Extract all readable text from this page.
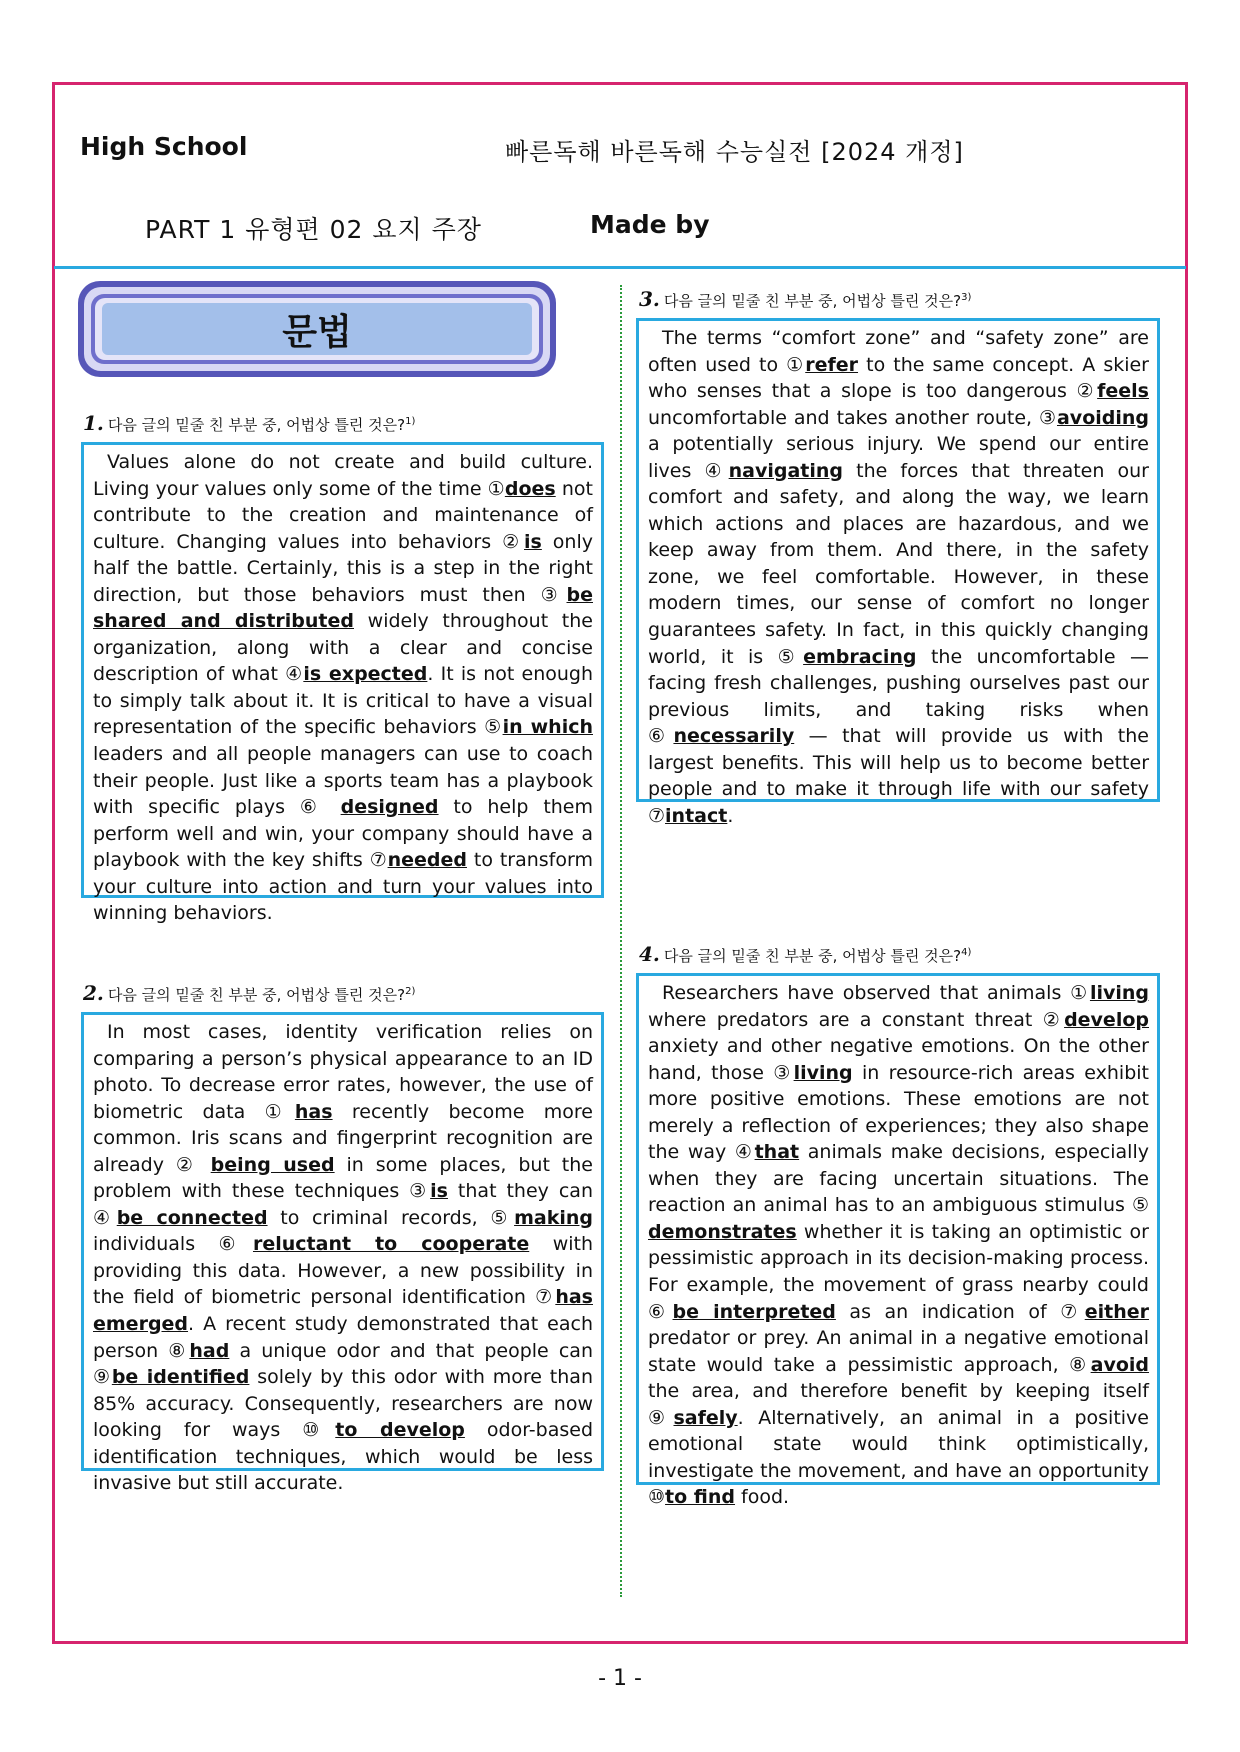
High School	빠른독해 바른독해 수능실전 [2024 개정]
PART 1 유형편 02 요지 주장	Made by
문법
1. 다음 글의 밑줄 친 부분 중, 어법상 틀린 것은?$^{1)}$

Values alone do not create and build culture. Living your values only some of the time ①does not contribute to the creation and maintenance of culture. Changing values into behaviors ②is only half the battle. Certainly, this is a step in the right direction, but those behaviors must then ③be shared and distributed widely throughout the organization, along with a clear and concise description of what ④is expected. It is not enough to simply talk about it. It is critical to have a visual representation of the specific behaviors ⑤in which leaders and all people managers can use to coach their people. Just like a sports team has a playbook with specific plays ⑥ designed to help them perform well and win, your company should have a playbook with the key shifts ⑦needed to transform your culture into action and turn your values into winning behaviors.

2. 다음 글의 밑줄 친 부분 중, 어법상 틀린 것은?$^{2)}$

In most cases, identity verification relies on comparing a person’s physical appearance to an ID photo. To decrease error rates, however, the use of biometric data ①has recently become more common. Iris scans and fingerprint recognition are already ② being used in some places, but the problem with these techniques ③is that they can ④be connected to criminal records, ⑤making individuals ⑥reluctant to cooperate with providing this data. However, a new possibility in the field of biometric personal identification ⑦has emerged. A recent study demonstrated that each person ⑧had a unique odor and that people can ⑨be identified solely by this odor with more than 85% accuracy. Consequently, researchers are now looking for ways ⑩to develop odor-based identification techniques, which would be less invasive but still accurate.

3. 다음 글의 밑줄 친 부분 중, 어법상 틀린 것은?$^{3)}$

The terms “comfort zone” and “safety zone” are often used to ①refer to the same concept. A skier who senses that a slope is too dangerous ②feels uncomfortable and takes another route, ③avoiding a potentially serious injury. We spend our entire lives ④navigating the forces that threaten our comfort and safety, and along the way, we learn which actions and places are hazardous, and we keep away from them. And there, in the safety zone, we feel comfortable. However, in these modern times, our sense of comfort no longer guarantees safety. In fact, in this quickly changing world, it is ⑤embracing the uncomfortable — facing fresh challenges, pushing ourselves past our previous limits, and taking risks when ⑥necessarily — that will provide us with the largest benefits. This will help us to become better people and to make it through life with our safety ⑦intact.

4. 다음 글의 밑줄 친 부분 중, 어법상 틀린 것은?$^{4)}$

Researchers have observed that animals ①living where predators are a constant threat ②develop anxiety and other negative emotions. On the other hand, those ③living in resource-rich areas exhibit more positive emotions. These emotions are not merely a reflection of experiences; they also shape the way ④that animals make decisions, especially when they are facing uncertain situations. The reaction an animal has to an ambiguous stimulus ⑤ demonstrates whether it is taking an optimistic or pessimistic approach in its decision-making process. For example, the movement of grass nearby could ⑥be interpreted as an indication of ⑦either predator or prey. An animal in a negative emotional state would take a pessimistic approach, ⑧avoid the area, and therefore benefit by keeping itself ⑨safely. Alternatively, an animal in a positive emotional state would think optimistically, investigate the movement, and have an opportunity ⑩to find food.

- 1 -
